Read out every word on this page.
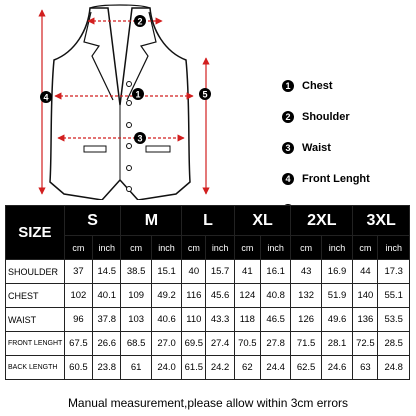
2
1
3
4	5
1	Chest
2	Shoulder
3	Waist
4	Front Lenght
SIZE	S		M		L		XL		2XL		3XL	
	cm	inch	cm	inch	cm	inch	cm	inch	cm	inch	cm	inch
SHOULDER	37	14.5	38.5	15.1	40	15.7	41	16.1	43	16.9	44	17.3
CHEST	102	40.1	109	49.2	116	45.6	124	40.8	132	51.9	140	55.1
WAIST	96	37.8	103	40.6	110	43.3	118	46.5	126	49.6	136	53.5
FRONT LENGHT	67.5	26.6	68.5	27.0	69.5	27.4	70.5	27.8	71.5	28.1	72.5	28.5
BACK LENGTH	60.5	23.8	61	24.0	61.5	24.2	62	24.4	62.5	24.6	63	24.8
Manual measurement,please allow within 3cm errors
